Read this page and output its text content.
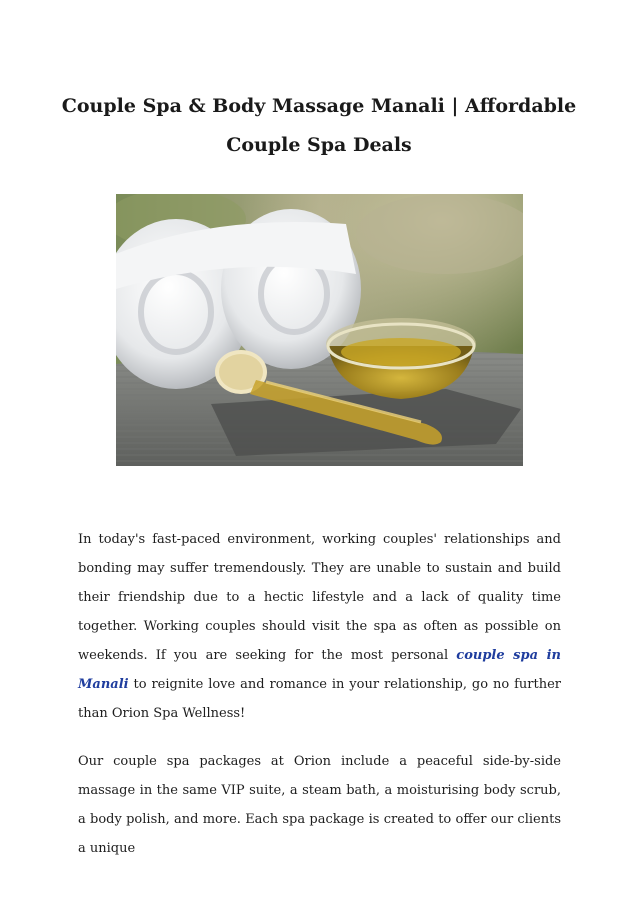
Couple Spa & Body Massage Manali | Affordable Couple Spa Deals

In today's fast-paced environment, working couples' relationships and bonding may suffer tremendously. They are unable to sustain and build their friendship due to a hectic lifestyle and a lack of quality time together. Working couples should visit the spa as often as possible on weekends. If you are seeking for the most personal couple spa in Manali to reignite love and romance in your relationship, go no further than Orion Spa Wellness!

Our couple spa packages at Orion include a peaceful side-by-side massage in the same VIP suite, a steam bath, a moisturising body scrub, a body polish, and more. Each spa package is created to offer our clients a unique
